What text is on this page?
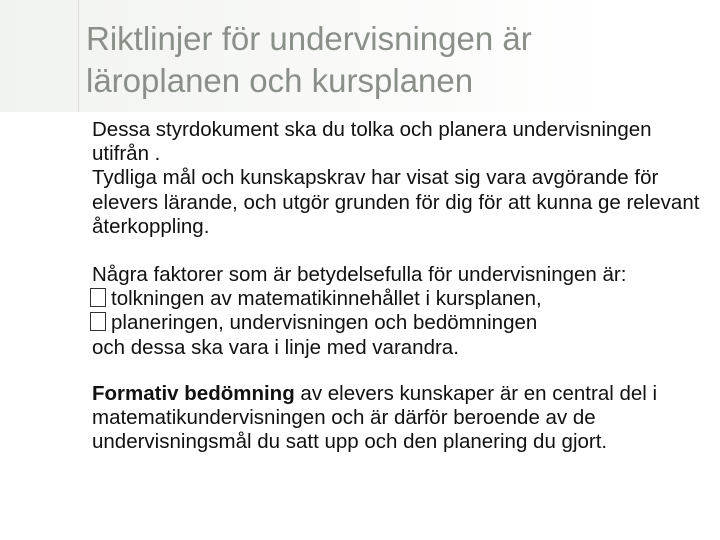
Riktlinjer för undervisningen är
läroplanen och kursplanen

Dessa styrdokument ska du tolka och planera undervisningen utifrån .

Tydliga mål och kunskapskrav har visat sig vara avgörande för elevers lärande, och utgör grunden för dig för att kunna ge relevant återkoppling.

Några faktorer som är betydelsefulla för undervisningen är:

tolkningen av matematikinnehållet i kursplanen,

planeringen, undervisningen och bedömningen

och dessa ska vara i linje med varandra.

Formativ bedömning av elevers kunskaper är en central del i matematikundervisningen och är därför beroende av de undervisningsmål du satt upp och den planering du gjort.
